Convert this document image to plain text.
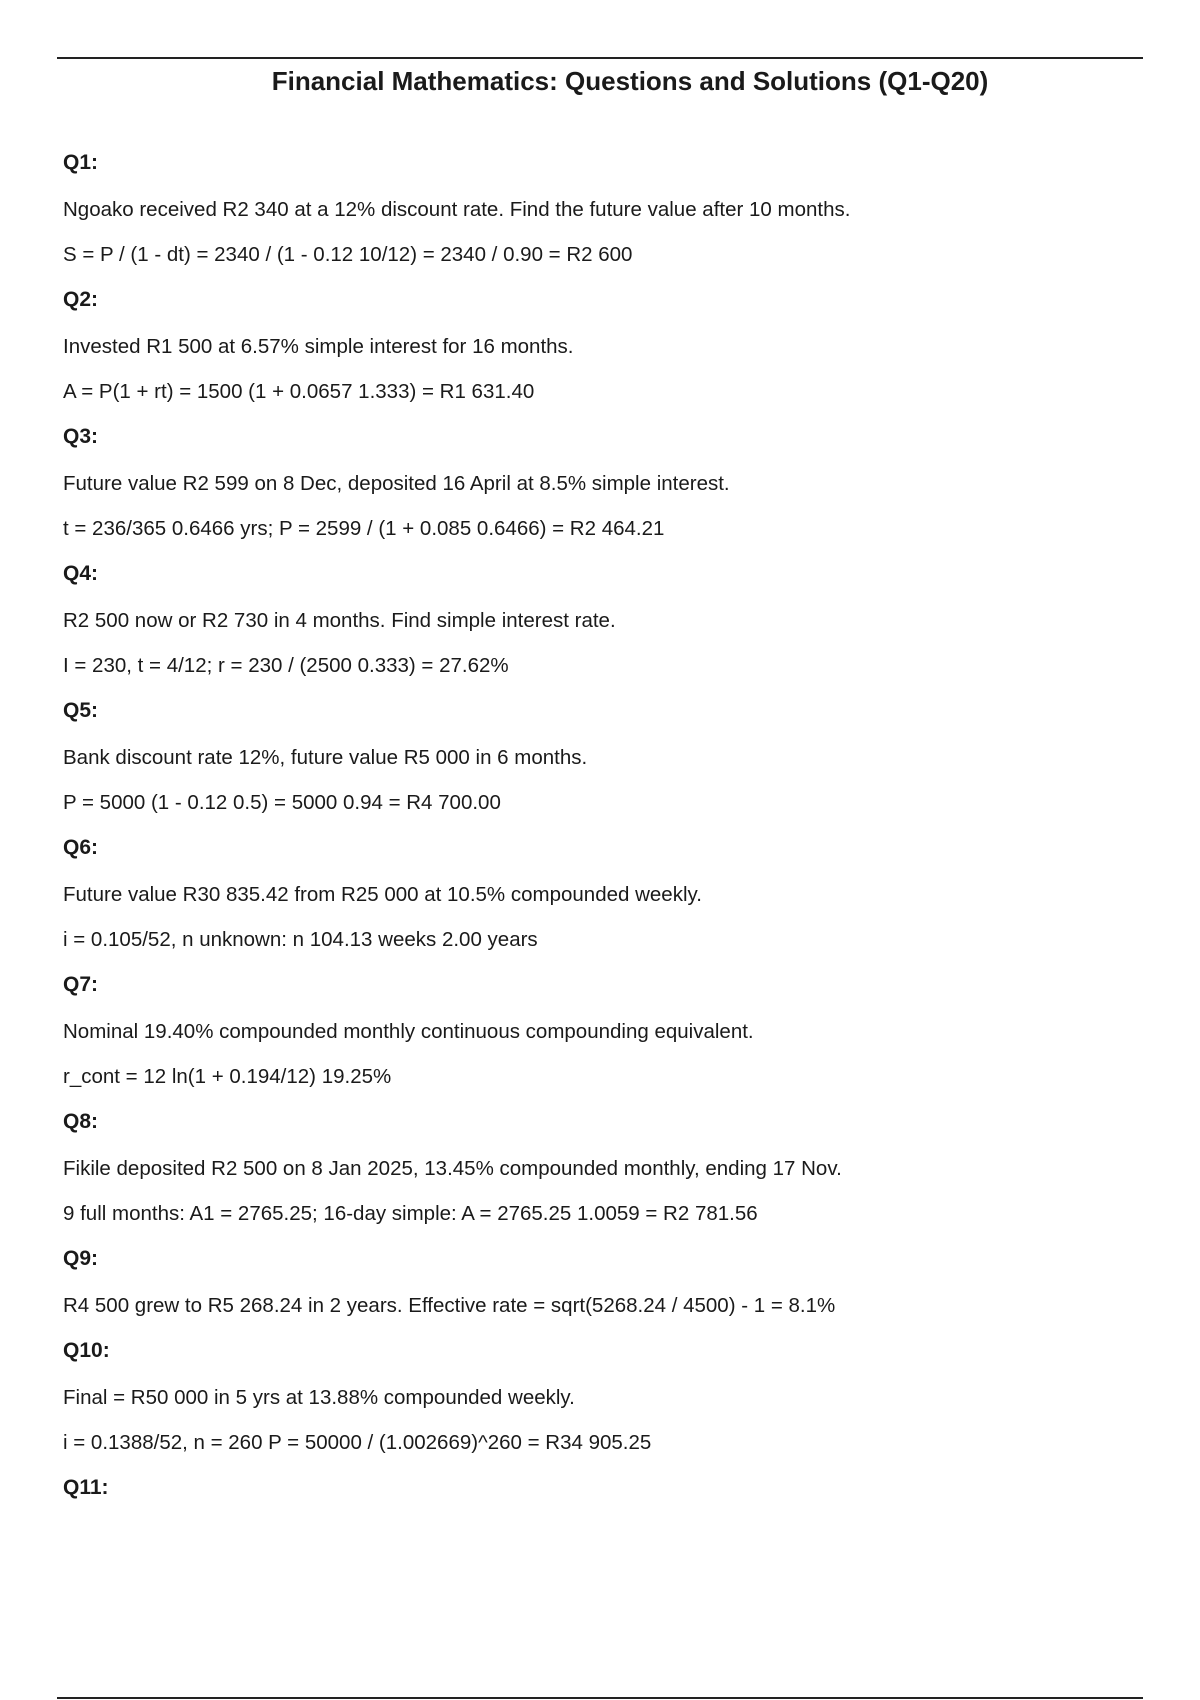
Financial Mathematics: Questions and Solutions (Q1-Q20)
Q1:
Ngoako received R2 340 at a 12% discount rate. Find the future value after 10 months.
S = P / (1 - dt) = 2340 / (1 - 0.12 10/12) = 2340 / 0.90 = R2 600
Q2:
Invested R1 500 at 6.57% simple interest for 16 months.
A = P(1 + rt) = 1500 (1 + 0.0657 1.333) = R1 631.40
Q3:
Future value R2 599 on 8 Dec, deposited 16 April at 8.5% simple interest.
t = 236/365 0.6466 yrs; P = 2599 / (1 + 0.085 0.6466) = R2 464.21
Q4:
R2 500 now or R2 730 in 4 months. Find simple interest rate.
I = 230, t = 4/12; r = 230 / (2500 0.333) = 27.62%
Q5:
Bank discount rate 12%, future value R5 000 in 6 months.
P = 5000 (1 - 0.12 0.5) = 5000 0.94 = R4 700.00
Q6:
Future value R30 835.42 from R25 000 at 10.5% compounded weekly.
i = 0.105/52, n unknown: n 104.13 weeks 2.00 years
Q7:
Nominal 19.40% compounded monthly continuous compounding equivalent.
r_cont = 12 ln(1 + 0.194/12) 19.25%
Q8:
Fikile deposited R2 500 on 8 Jan 2025, 13.45% compounded monthly, ending 17 Nov.
9 full months: A1 = 2765.25; 16-day simple: A = 2765.25 1.0059 = R2 781.56
Q9:
R4 500 grew to R5 268.24 in 2 years. Effective rate = sqrt(5268.24 / 4500) - 1 = 8.1%
Q10:
Final = R50 000 in 5 yrs at 13.88% compounded weekly.
i = 0.1388/52, n = 260 P = 50000 / (1.002669)^260 = R34 905.25
Q11:
